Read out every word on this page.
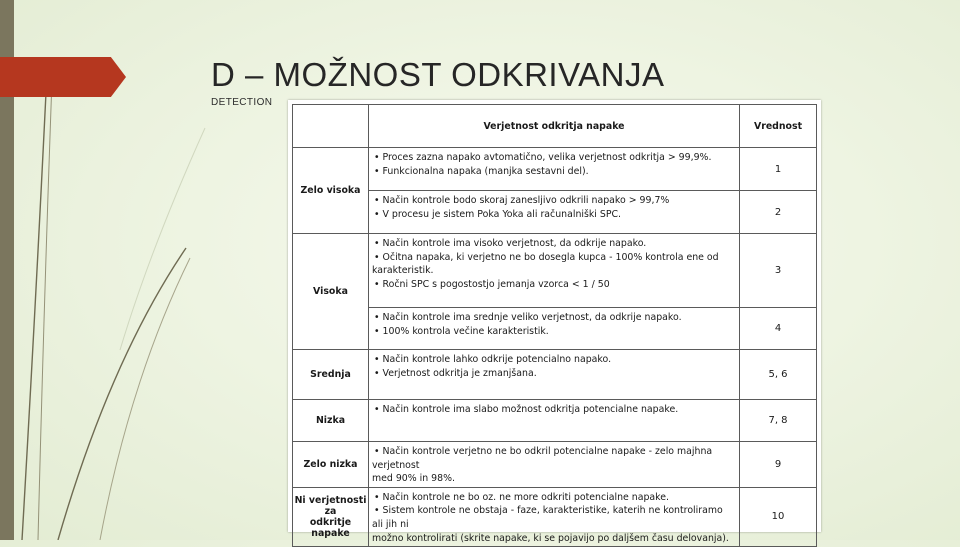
D – MOŽNOST ODKRIVANJA
DETECTION
	Verjetnost odkritja napake	Vrednost
Zelo visoka	• Proces zazna napako avtomatično, velika verjetnost odkritja > 99,9%.
• Funkcionalna napaka (manjka sestavni del).	1

	• Način kontrole bodo skoraj zanesljivo odkrili napako > 99,7%
• V procesu je sistem Poka Yoka ali računalniški SPC.	2
Visoka	• Način kontrole ima visoko verjetnost, da odkrije napako.
• Očitna napaka, ki verjetno ne bo dosegla kupca - 100% kontrola ene od
karakteristik.
• Ročni SPC s pogostostjo jemanja vzorca < 1 / 50	3

	• Način kontrole ima srednje veliko verjetnost, da odkrije napako.
• 100% kontrola večine karakteristik.	4
Srednja	• Način kontrole lahko odkrije potencialno napako.
• Verjetnost odkritja je zmanjšana.	5, 6
Nizka	• Način kontrole ima slabo možnost odkritja potencialne napake.	7, 8
Zelo nizka	• Način kontrole verjetno ne bo odkril potencialne napake - zelo majhna verjetnost
med 90% in 98%.	9

Ni verjetnosti za
odkritje napake	• Način kontrole ne bo oz. ne more odkriti potencialne napake.
• Sistem kontrole ne obstaja - faze, karakteristike, katerih ne kontroliramo ali jih ni
možno kontrolirati (skrite napake, ki se pojavijo po daljšem času delovanja).	10
